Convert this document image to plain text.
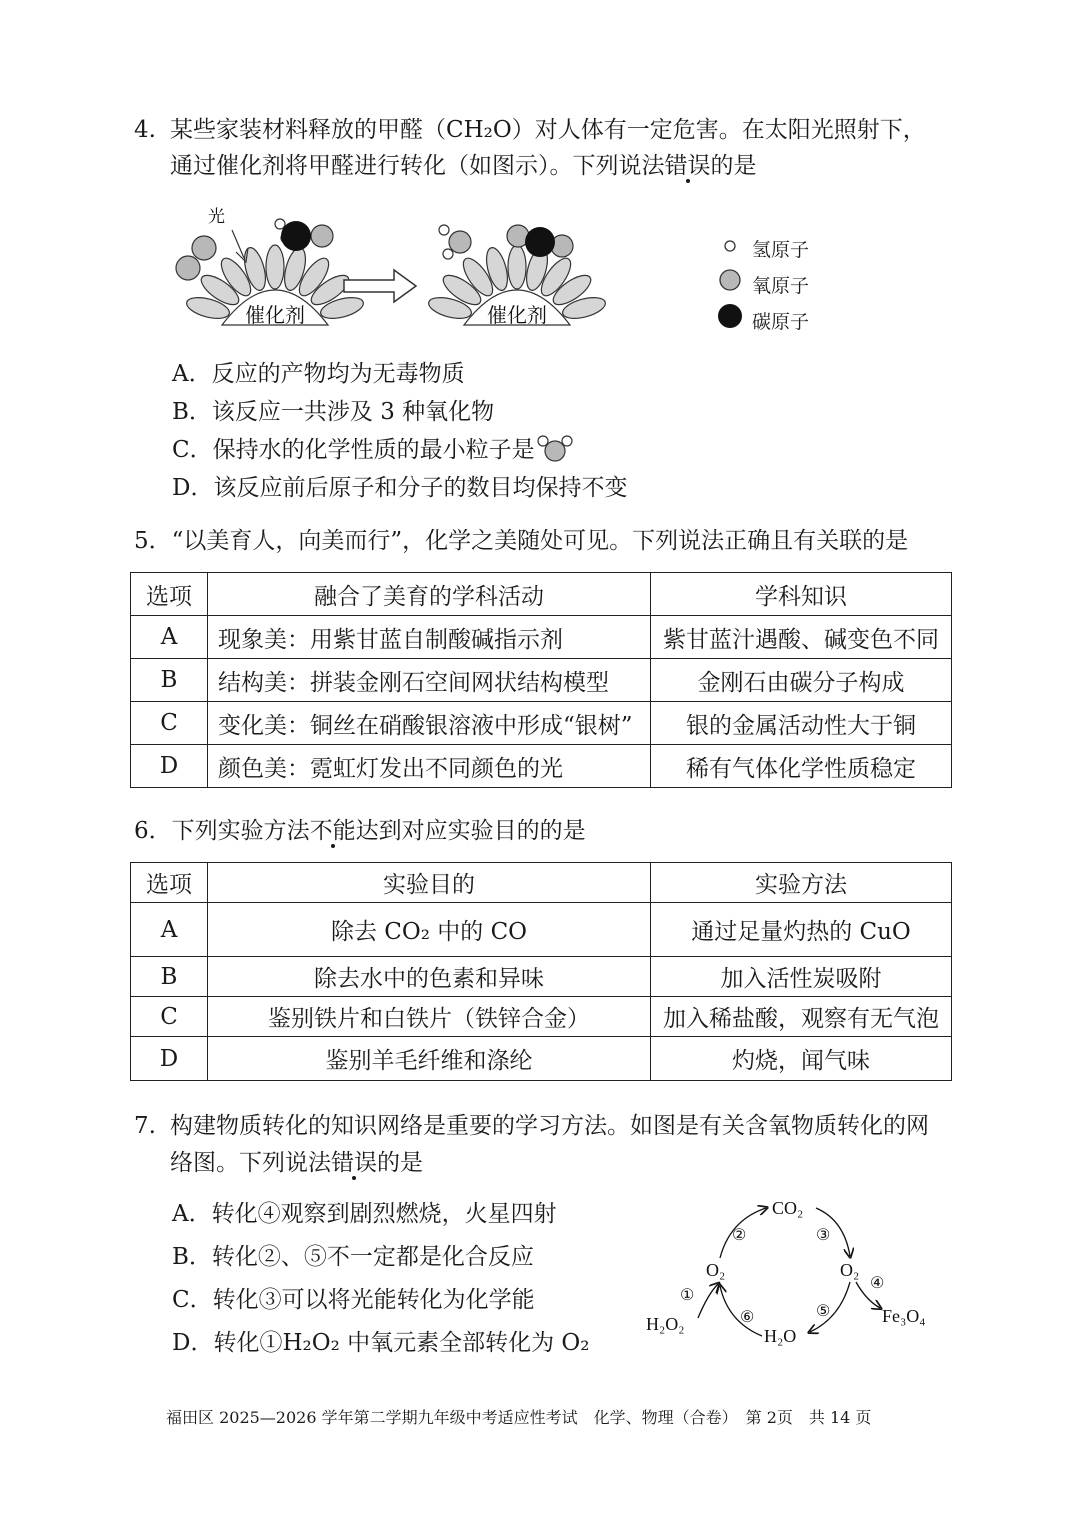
4. 某些家装材料释放的甲醛（CH₂O）对人体有一定危害。在太阳光照射下，
通过催化剂将甲醛进行转化（如图示）。下列说法错误的是
催化剂
光
催化剂
氢原子
氧原子
碳原子
A．反应的产物均为无毒物质
B．该反应一共涉及 3 种氧化物
C．保持水的化学性质的最小粒子是
D．该反应前后原子和分子的数目均保持不变
5．“以美育人，向美而行”，化学之美随处可见。下列说法正确且有关联的是
选项	融合了美育的学科活动	学科知识
A	现象美：用紫甘蓝自制酸碱指示剂	紫甘蓝汁遇酸、碱变色不同
B	结构美：拼装金刚石空间网状结构模型	金刚石由碳分子构成
C	变化美：铜丝在硝酸银溶液中形成“银树”	银的金属活动性大于铜
D	颜色美：霓虹灯发出不同颜色的光	稀有气体化学性质稳定
6．下列实验方法不能达到对应实验目的的是
选项	实验目的	实验方法
A	除去 CO₂ 中的 CO	通过足量灼热的 CuO
B	除去水中的色素和异味	加入活性炭吸附
C	鉴别铁片和白铁片（铁锌合金）	加入稀盐酸，观察有无气泡
D	鉴别羊毛纤维和涤纶	灼烧，闻气味
7. 构建物质转化的知识网络是重要的学习方法。如图是有关含氧物质转化的网
络图。下列说法错误的是
A．转化④观察到剧烈燃烧，火星四射
B．转化②、⑤不一定都是化合反应
C．转化③可以将光能转化为化学能
D．转化①H₂O₂ 中氧元素全部转化为 O₂
CO₂
O₂	O₂
H₂O₂
H₂O
Fe₃O₄
②	③
①
④
⑤
⑥
福田区 2025—2026 学年第二学期九年级中考适应性考试　化学、物理（合卷）　第 2页　共 14 页
